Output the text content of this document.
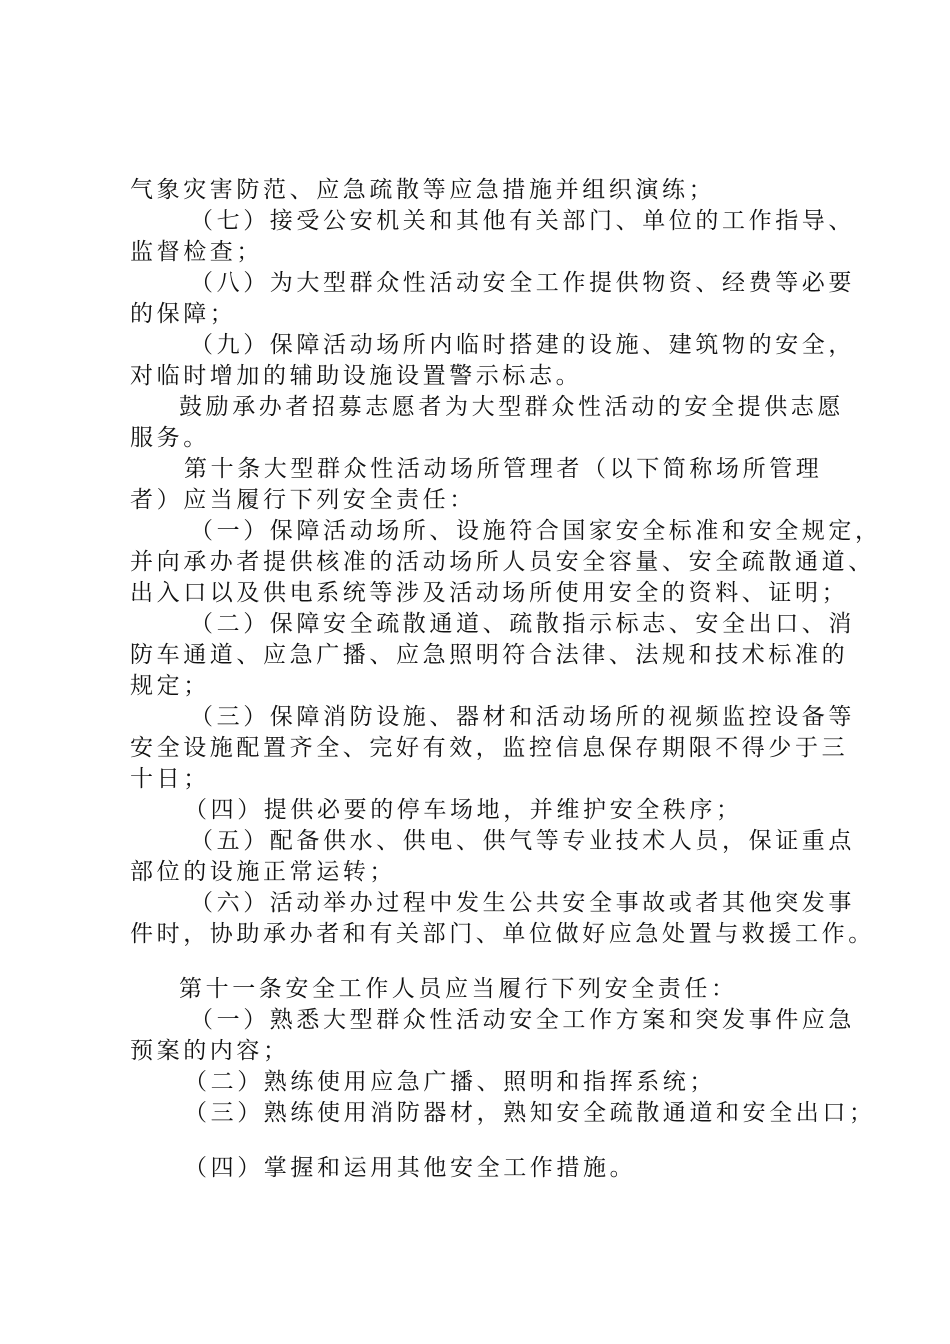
气象灾害防范、应急疏散等应急措施并组织演练；
（七）接受公安机关和其他有关部门、单位的工作指导、
监督检查；
（八）为大型群众性活动安全工作提供物资、经费等必要
的保障；
（九）保障活动场所内临时搭建的设施、建筑物的安全，
对临时增加的辅助设施设置警示标志。
鼓励承办者招募志愿者为大型群众性活动的安全提供志愿
服务。
第十条大型群众性活动场所管理者（以下简称场所管理
者）应当履行下列安全责任：
（一）保障活动场所、设施符合国家安全标准和安全规定，
并向承办者提供核准的活动场所人员安全容量、安全疏散通道、
出入口以及供电系统等涉及活动场所使用安全的资料、证明；
（二）保障安全疏散通道、疏散指示标志、安全出口、消
防车通道、应急广播、应急照明符合法律、法规和技术标准的
规定；
（三）保障消防设施、器材和活动场所的视频监控设备等
安全设施配置齐全、完好有效，监控信息保存期限不得少于三
十日；
（四）提供必要的停车场地，并维护安全秩序；
（五）配备供水、供电、供气等专业技术人员，保证重点
部位的设施正常运转；
（六）活动举办过程中发生公共安全事故或者其他突发事
件时，协助承办者和有关部门、单位做好应急处置与救援工作。
第十一条安全工作人员应当履行下列安全责任：
（一）熟悉大型群众性活动安全工作方案和突发事件应急
预案的内容；
（二）熟练使用应急广播、照明和指挥系统；
（三）熟练使用消防器材，熟知安全疏散通道和安全出口；
（四）掌握和运用其他安全工作措施。
